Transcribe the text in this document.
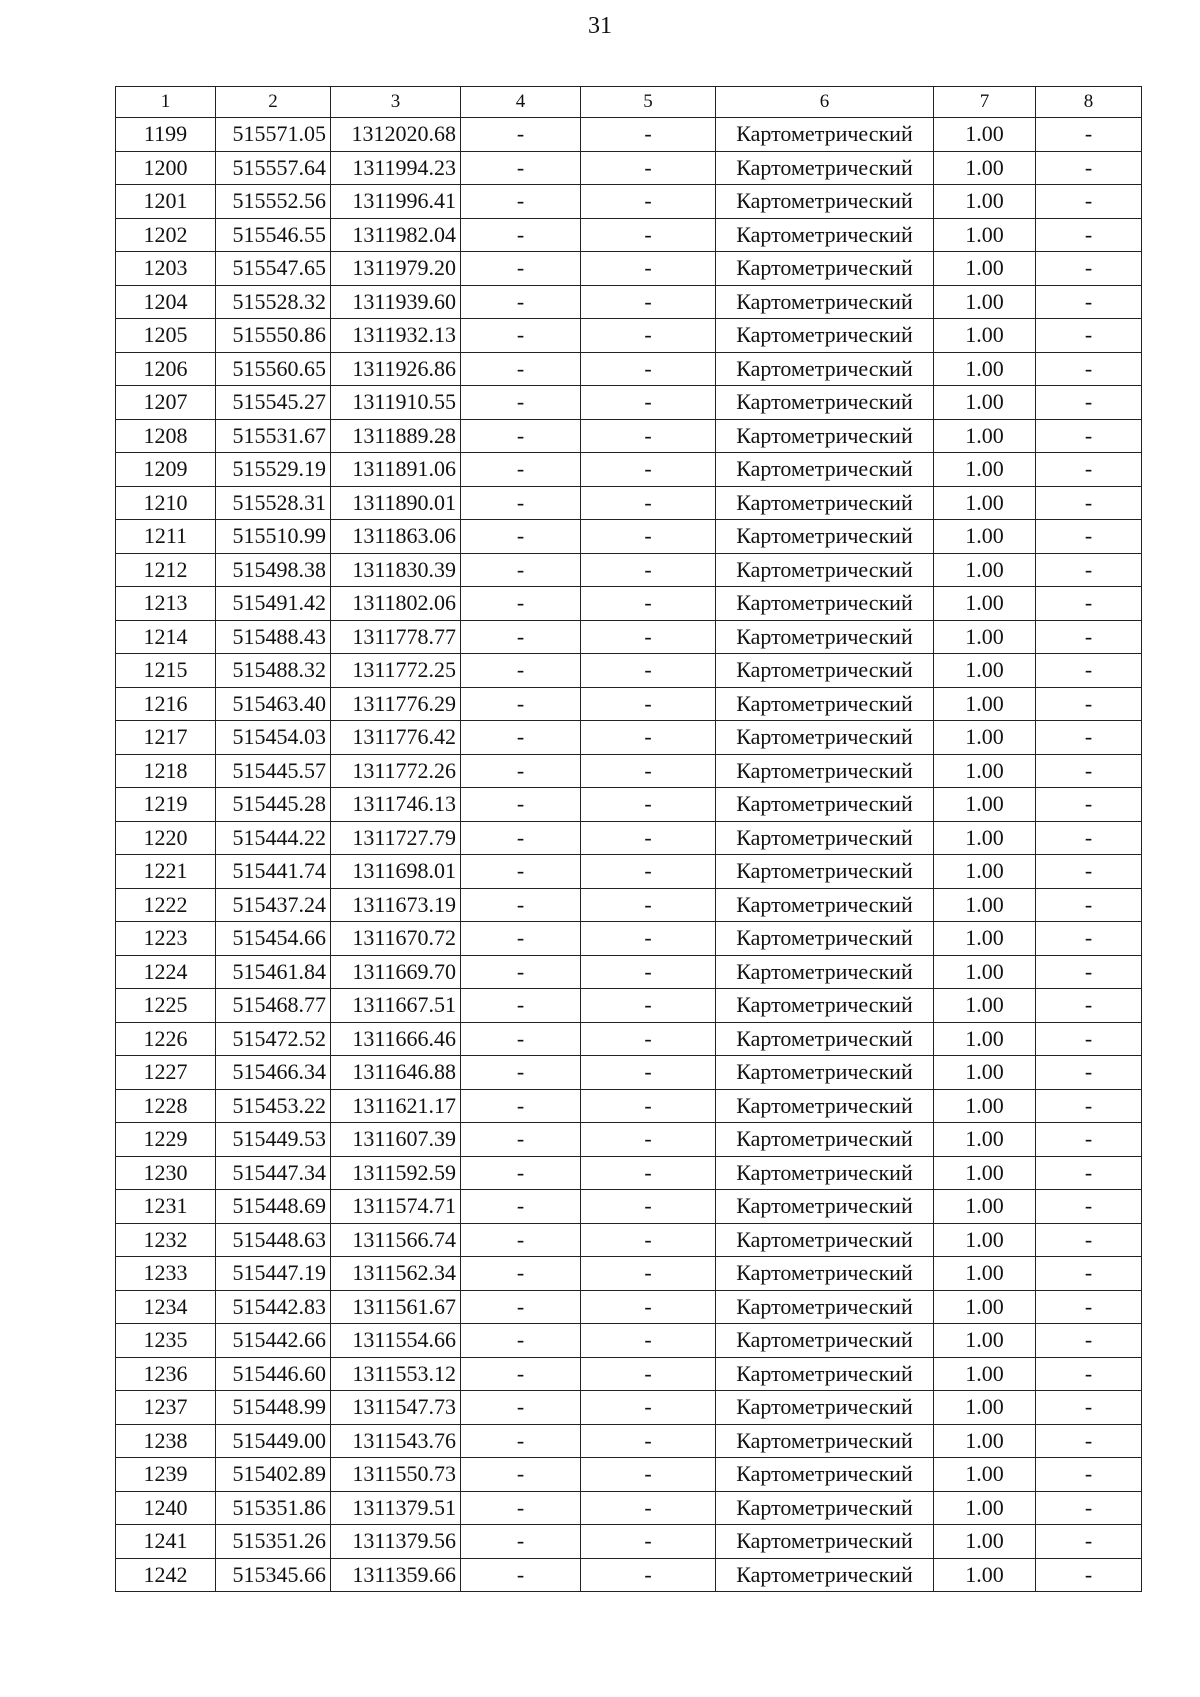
31
1	2	3	4	5	6	7	8
1199	515571.05	1312020.68	-	-	Картометрический	1.00	-
1200	515557.64	1311994.23	-	-	Картометрический	1.00	-
1201	515552.56	1311996.41	-	-	Картометрический	1.00	-
1202	515546.55	1311982.04	-	-	Картометрический	1.00	-
1203	515547.65	1311979.20	-	-	Картометрический	1.00	-
1204	515528.32	1311939.60	-	-	Картометрический	1.00	-
1205	515550.86	1311932.13	-	-	Картометрический	1.00	-
1206	515560.65	1311926.86	-	-	Картометрический	1.00	-
1207	515545.27	1311910.55	-	-	Картометрический	1.00	-
1208	515531.67	1311889.28	-	-	Картометрический	1.00	-
1209	515529.19	1311891.06	-	-	Картометрический	1.00	-
1210	515528.31	1311890.01	-	-	Картометрический	1.00	-
1211	515510.99	1311863.06	-	-	Картометрический	1.00	-
1212	515498.38	1311830.39	-	-	Картометрический	1.00	-
1213	515491.42	1311802.06	-	-	Картометрический	1.00	-
1214	515488.43	1311778.77	-	-	Картометрический	1.00	-
1215	515488.32	1311772.25	-	-	Картометрический	1.00	-
1216	515463.40	1311776.29	-	-	Картометрический	1.00	-
1217	515454.03	1311776.42	-	-	Картометрический	1.00	-
1218	515445.57	1311772.26	-	-	Картометрический	1.00	-
1219	515445.28	1311746.13	-	-	Картометрический	1.00	-
1220	515444.22	1311727.79	-	-	Картометрический	1.00	-
1221	515441.74	1311698.01	-	-	Картометрический	1.00	-
1222	515437.24	1311673.19	-	-	Картометрический	1.00	-
1223	515454.66	1311670.72	-	-	Картометрический	1.00	-
1224	515461.84	1311669.70	-	-	Картометрический	1.00	-
1225	515468.77	1311667.51	-	-	Картометрический	1.00	-
1226	515472.52	1311666.46	-	-	Картометрический	1.00	-
1227	515466.34	1311646.88	-	-	Картометрический	1.00	-
1228	515453.22	1311621.17	-	-	Картометрический	1.00	-
1229	515449.53	1311607.39	-	-	Картометрический	1.00	-
1230	515447.34	1311592.59	-	-	Картометрический	1.00	-
1231	515448.69	1311574.71	-	-	Картометрический	1.00	-
1232	515448.63	1311566.74	-	-	Картометрический	1.00	-
1233	515447.19	1311562.34	-	-	Картометрический	1.00	-
1234	515442.83	1311561.67	-	-	Картометрический	1.00	-
1235	515442.66	1311554.66	-	-	Картометрический	1.00	-
1236	515446.60	1311553.12	-	-	Картометрический	1.00	-
1237	515448.99	1311547.73	-	-	Картометрический	1.00	-
1238	515449.00	1311543.76	-	-	Картометрический	1.00	-
1239	515402.89	1311550.73	-	-	Картометрический	1.00	-
1240	515351.86	1311379.51	-	-	Картометрический	1.00	-
1241	515351.26	1311379.56	-	-	Картометрический	1.00	-
1242	515345.66	1311359.66	-	-	Картометрический	1.00	-
